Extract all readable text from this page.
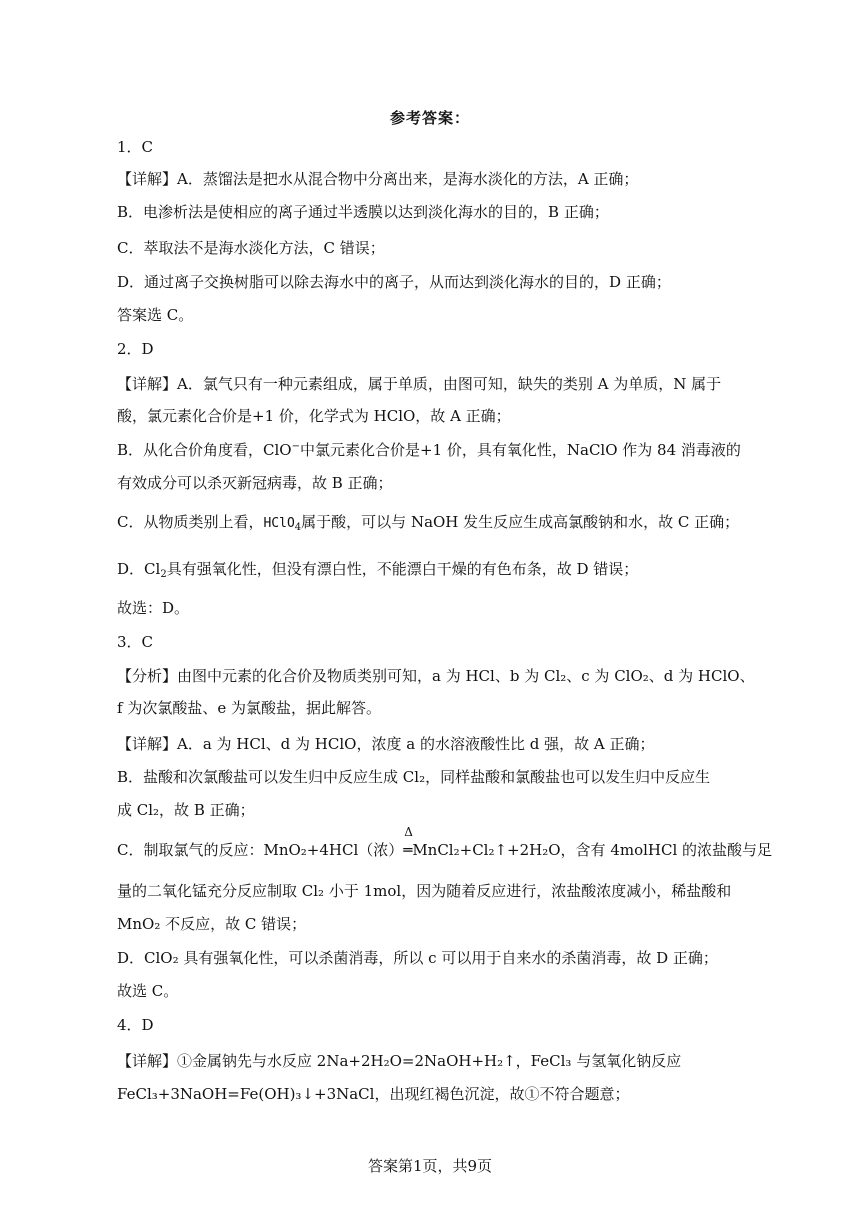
参考答案：
1．C
【详解】A．蒸馏法是把水从混合物中分离出来，是海水淡化的方法，A 正确；
B．电渗析法是使相应的离子通过半透膜以达到淡化海水的目的，B 正确；
C．萃取法不是海水淡化方法，C 错误；
D．通过离子交换树脂可以除去海水中的离子，从而达到淡化海水的目的，D 正确；
答案选 C。
2．D
【详解】A．氯气只有一种元素组成，属于单质，由图可知，缺失的类别 A 为单质，N 属于
酸，氯元素化合价是+1 价，化学式为 HClO，故 A 正确；
B．从化合价角度看，ClO−中氯元素化合价是+1 价，具有氧化性，NaClO 作为 84 消毒液的
有效成分可以杀灭新冠病毒，故 B 正确；
C．从物质类别上看，HClO$_4$属于酸，可以与 NaOH 发生反应生成高氯酸钠和水，故 C 正确；
D．$Cl_2$具有强氧化性，但没有漂白性，不能漂白干燥的有色布条，故 D 错误；
故选：D。
3．C
【分析】由图中元素的化合价及物质类别可知，a 为 HCl、b 为 Cl₂、c 为 ClO₂、d 为 HClO、
f 为次氯酸盐、e 为氯酸盐，据此解答。
【详解】A．a 为 HCl、d 为 HClO，浓度 a 的水溶液酸性比 d 强，故 A 正确；
B．盐酸和次氯酸盐可以发生归中反应生成 Cl₂，同样盐酸和氯酸盐也可以发生归中反应生
成 Cl₂，故 B 正确；
C．制取氯气的反应：MnO₂+4HCl（浓）
Δ
═MnCl₂+Cl₂↑+2H₂O，含有 4molHCl 的浓盐酸与足
量的二氧化锰充分反应制取 Cl₂ 小于 1mol，因为随着反应进行，浓盐酸浓度减小，稀盐酸和
MnO₂ 不反应，故 C 错误；
D．ClO₂ 具有强氧化性，可以杀菌消毒，所以 c 可以用于自来水的杀菌消毒，故 D 正确；
故选 C。
4．D
【详解】①金属钠先与水反应 2Na+2H₂O=2NaOH+H₂↑，FeCl₃ 与氢氧化钠反应
FeCl₃+3NaOH=Fe(OH)₃↓+3NaCl，出现红褐色沉淀，故①不符合题意；
答案第1页，共9页
